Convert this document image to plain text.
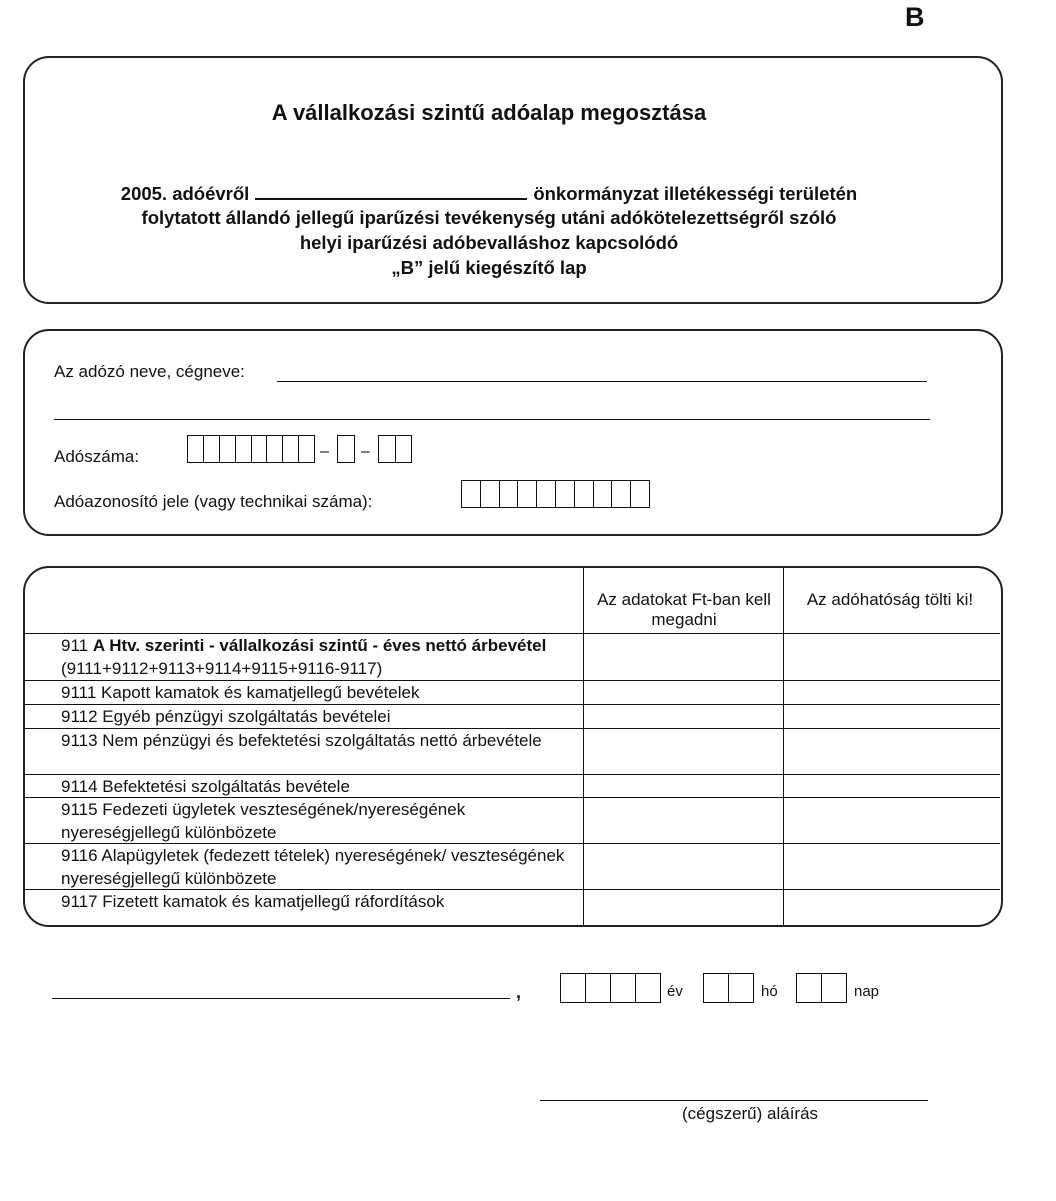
B
A vállalkozási szintű adóalap megosztása
2005. adóévről	önkormányzat illetékességi területén
folytatott állandó jellegű iparűzési tevékenység utáni adókötelezettségről szóló
helyi iparűzési adóbevalláshoz kapcsolódó
„B” jelű kiegészítő lap
Az adózó neve, cégneve:
Adószáma:	– –
Adóazonosító jele (vagy technikai száma):
Az adatokat Ft-ban kell megadni
Az adóhatóság tölti ki!
911 A Htv. szerinti - vállalkozási szintű - éves nettó árbevétel (9111+9112+9113+9114+9115+9116-9117)
9111 Kapott kamatok és kamatjellegű bevételek
9112 Egyéb pénzügyi szolgáltatás bevételei
9113 Nem pénzügyi és befektetési szolgáltatás nettó árbevétele
9114 Befektetési szolgáltatás bevétele
9115 Fedezeti ügyletek veszteségének/nyereségének nyereségjellegű különbözete
9116 Alapügyletek (fedezett tételek) nyereségének/ veszteségének nyereségjellegű különbözete
9117 Fizetett kamatok és kamatjellegű ráfordítások
,	év	hó	nap
(cégszerű) aláírás
